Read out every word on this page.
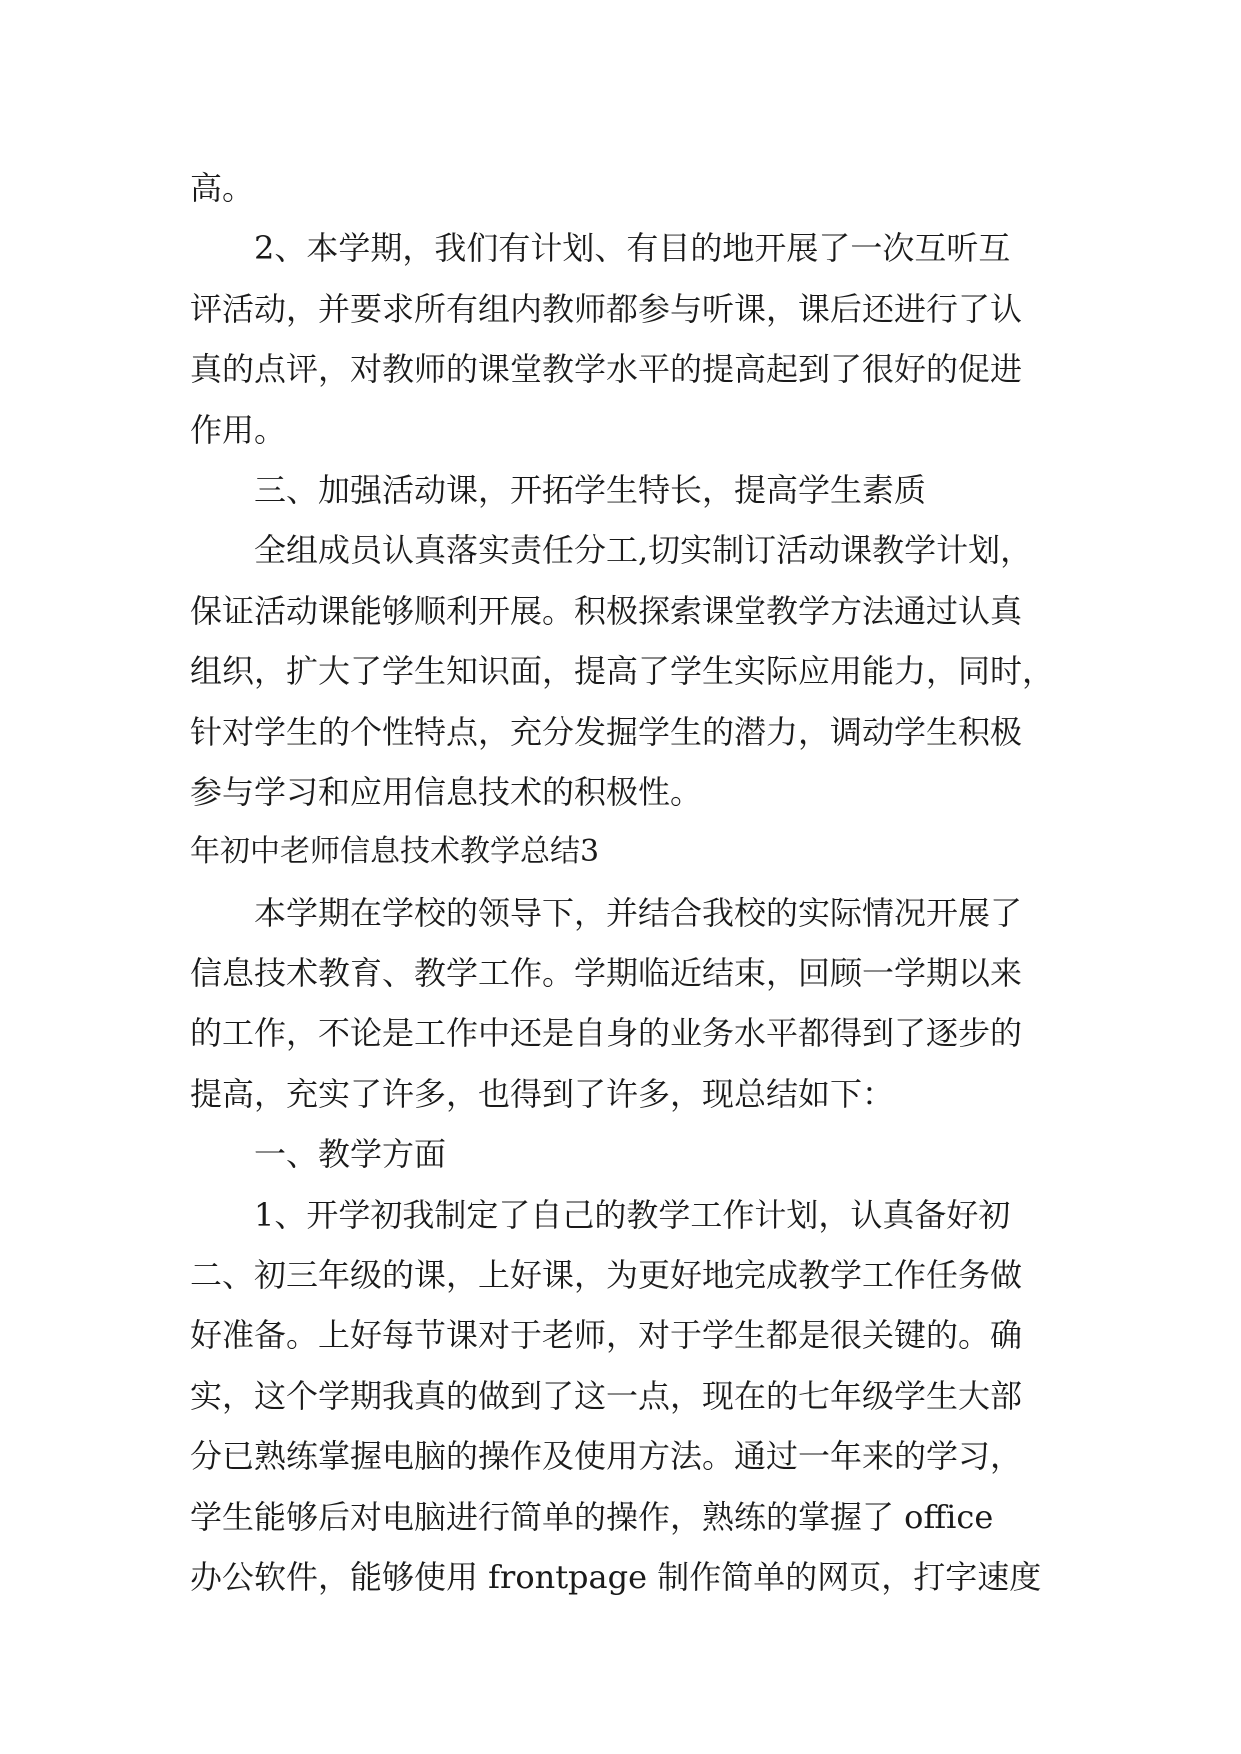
高。
2、本学期，我们有计划、有目的地开展了一次互听互
评活动，并要求所有组内教师都参与听课，课后还进行了认
真的点评，对教师的课堂教学水平的提高起到了很好的促进
作用。
三、加强活动课，开拓学生特长，提高学生素质
全组成员认真落实责任分工,切实制订活动课教学计划，
保证活动课能够顺利开展。积极探索课堂教学方法通过认真
组织，扩大了学生知识面，提高了学生实际应用能力，同时，
针对学生的个性特点，充分发掘学生的潜力，调动学生积极
参与学习和应用信息技术的积极性。
年初中老师信息技术教学总结3
本学期在学校的领导下，并结合我校的实际情况开展了
信息技术教育、教学工作。学期临近结束，回顾一学期以来
的工作，不论是工作中还是自身的业务水平都得到了逐步的
提高，充实了许多，也得到了许多，现总结如下：
一、教学方面
1、开学初我制定了自己的教学工作计划，认真备好初
二、初三年级的课，上好课，为更好地完成教学工作任务做
好准备。上好每节课对于老师，对于学生都是很关键的。确
实，这个学期我真的做到了这一点，现在的七年级学生大部
分已熟练掌握电脑的操作及使用方法。通过一年来的学习，
学生能够后对电脑进行简单的操作，熟练的掌握了 office
办公软件，能够使用 frontpage 制作简单的网页，打字速度
